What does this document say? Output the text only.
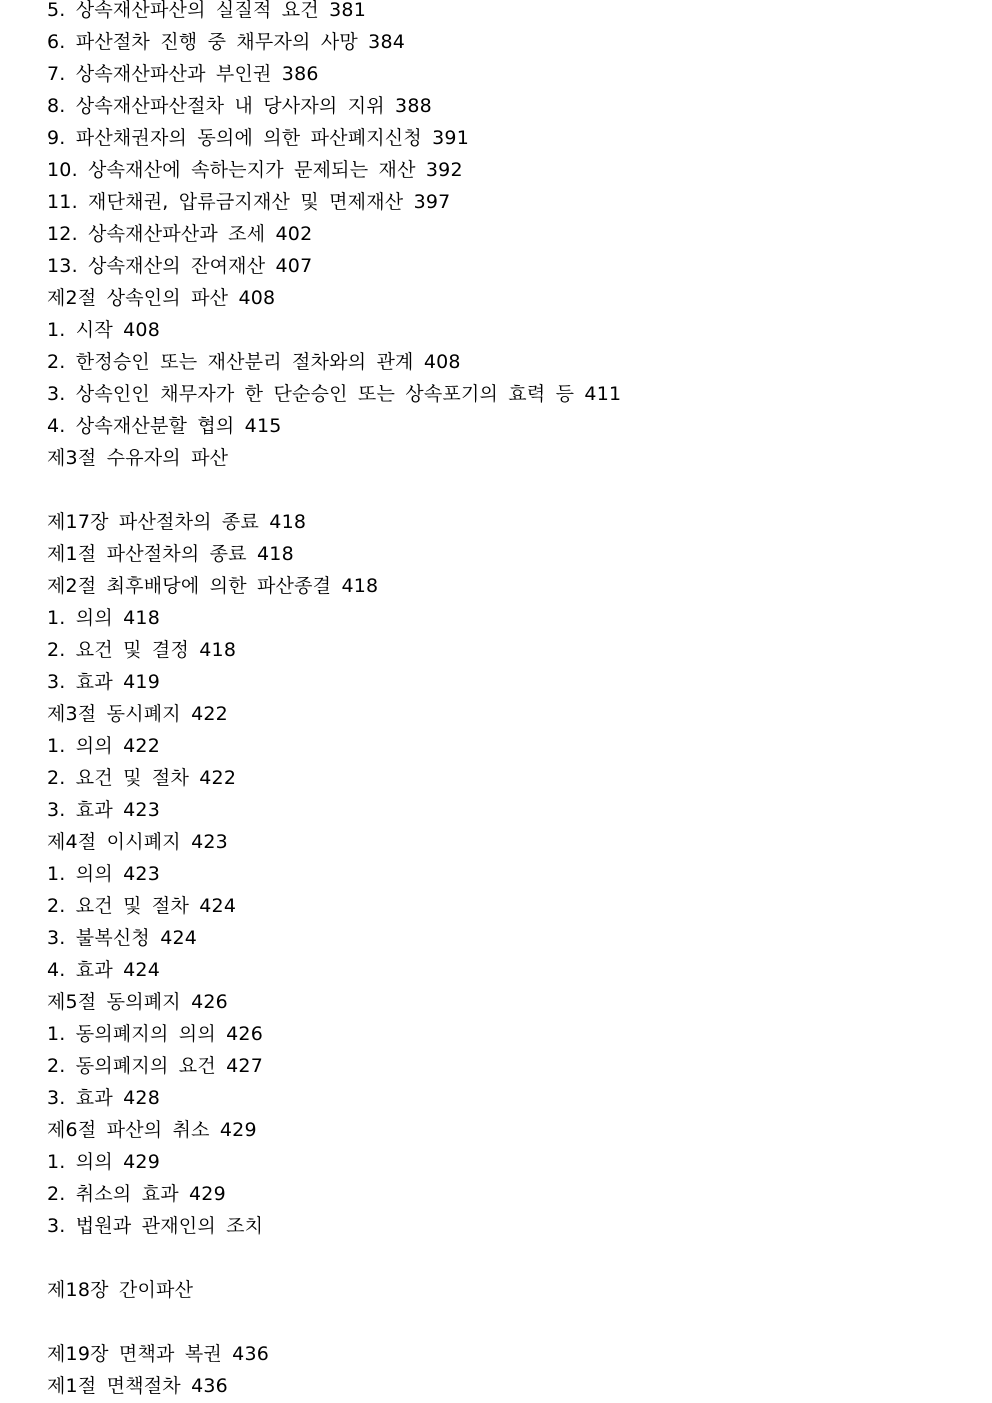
5. 상속재산파산의 실질적 요건 381
6. 파산절차 진행 중 채무자의 사망 384
7. 상속재산파산과 부인권 386
8. 상속재산파산절차 내 당사자의 지위 388
9. 파산채권자의 동의에 의한 파산폐지신청 391
10. 상속재산에 속하는지가 문제되는 재산 392
11. 재단채권, 압류금지재산 및 면제재산 397
12. 상속재산파산과 조세 402
13. 상속재산의 잔여재산 407
제2절 상속인의 파산 408
1. 시작 408
2. 한정승인 또는 재산분리 절차와의 관계 408
3. 상속인인 채무자가 한 단순승인 또는 상속포기의 효력 등 411
4. 상속재산분할 협의 415
제3절 수유자의 파산
제17장 파산절차의 종료 418
제1절 파산절차의 종료 418
제2절 최후배당에 의한 파산종결 418
1. 의의 418
2. 요건 및 결정 418
3. 효과 419
제3절 동시폐지 422
1. 의의 422
2. 요건 및 절차 422
3. 효과 423
제4절 이시폐지 423
1. 의의 423
2. 요건 및 절차 424
3. 불복신청 424
4. 효과 424
제5절 동의폐지 426
1. 동의폐지의 의의 426
2. 동의폐지의 요건 427
3. 효과 428
제6절 파산의 취소 429
1. 의의 429
2. 취소의 효과 429
3. 법원과 관재인의 조치
제18장 간이파산
제19장 면책과 복권 436
제1절 면책절차 436
